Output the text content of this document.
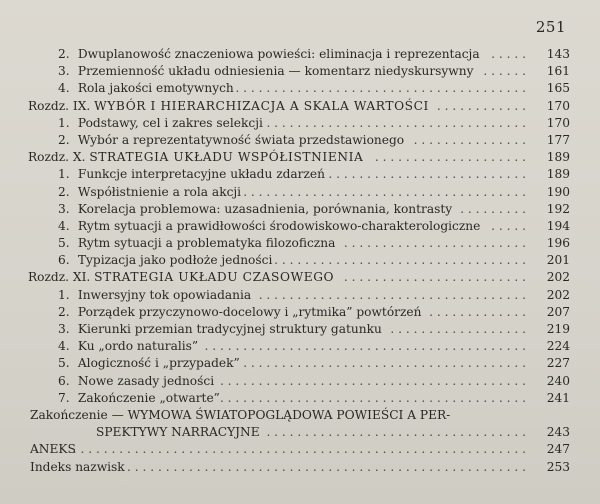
251
2. Dwuplanowość znaczeniowa powieści: eliminacja i reprezentacja	143
. . . . .
3. Przemienność układu odniesienia — komentarz niedyskursywny	161
. . . . . .
4. Rola jakości emotywnych	165
. . . . . . . . . . . . . . . . . . . . . . . . . . . . . . . . . . . . . .
Rozdz. IX. WYBÓR I HIERARCHIZACJA A SKALA WARTOŚCI	170
. . . . . . . . . . . .
1. Podstawy, cel i zakres selekcji	170
. . . . . . . . . . . . . . . . . . . . . . . . . . . . . . . . . .
2. Wybór a reprezentatywność świata przedstawionego	177
. . . . . . . . . . . . . . .
Rozdz. X. STRATEGIA UKŁADU WSPÓŁISTNIENIA	189
. . . . . . . . . . . . . . . . . . . .
1. Funkcje interpretacyjne układu zdarzeń	189
. . . . . . . . . . . . . . . . . . . . . . . . . .
2. Współistnienie a rola akcji	190
. . . . . . . . . . . . . . . . . . . . . . . . . . . . . . . . . . . . .
3. Korelacja problemowa: uzasadnienia, porównania, kontrasty	192
. . . . . . . . .
4. Rytm sytuacji a prawidłowości środowiskowo-charakterologiczne	194
. . . . .
5. Rytm sytuacji a problematyka filozoficzna	196
. . . . . . . . . . . . . . . . . . . . . . . .
6. Typizacja jako podłoże jedności	201
. . . . . . . . . . . . . . . . . . . . . . . . . . . . . . . . .
Rozdz. XI. STRATEGIA UKŁADU CZASOWEGO	202
. . . . . . . . . . . . . . . . . . . . . . . .
1. Inwersyjny tok opowiadania	202
. . . . . . . . . . . . . . . . . . . . . . . . . . . . . . . . . . .
2. Porządek przyczynowo-docelowy i „rytmika” powtórzeń	207
. . . . . . . . . . . . .
3. Kierunki przemian tradycyjnej struktury gatunku	219
. . . . . . . . . . . . . . . . . .
4. Ku „ordo naturalis”	224
. . . . . . . . . . . . . . . . . . . . . . . . . . . . . . . . . . . . . . . . . .
5. Alogiczność i „przypadek”	227
. . . . . . . . . . . . . . . . . . . . . . . . . . . . . . . . . . . . .
6. Nowe zasady jedności	240
. . . . . . . . . . . . . . . . . . . . . . . . . . . . . . . . . . . . . . . .
7. Zakończenie „otwarte”	241
. . . . . . . . . . . . . . . . . . . . . . . . . . . . . . . . . . . . . . . .
Zakończenie — WYMOWA ŚWIATOPOGLĄDOWA POWIEŚCI A PER-
SPEKTYWY NARRACYJNE	243
. . . . . . . . . . . . . . . . . . . . . . . . . . . . . . . . . .
ANEKS	247
. . . . . . . . . . . . . . . . . . . . . . . . . . . . . . . . . . . . . . . . . . . . . . . . . . . . . . . . . . .
Indeks nazwisk	253
. . . . . . . . . . . . . . . . . . . . . . . . . . . . . . . . . . . . . . . . . . . . . . . . . . . .
